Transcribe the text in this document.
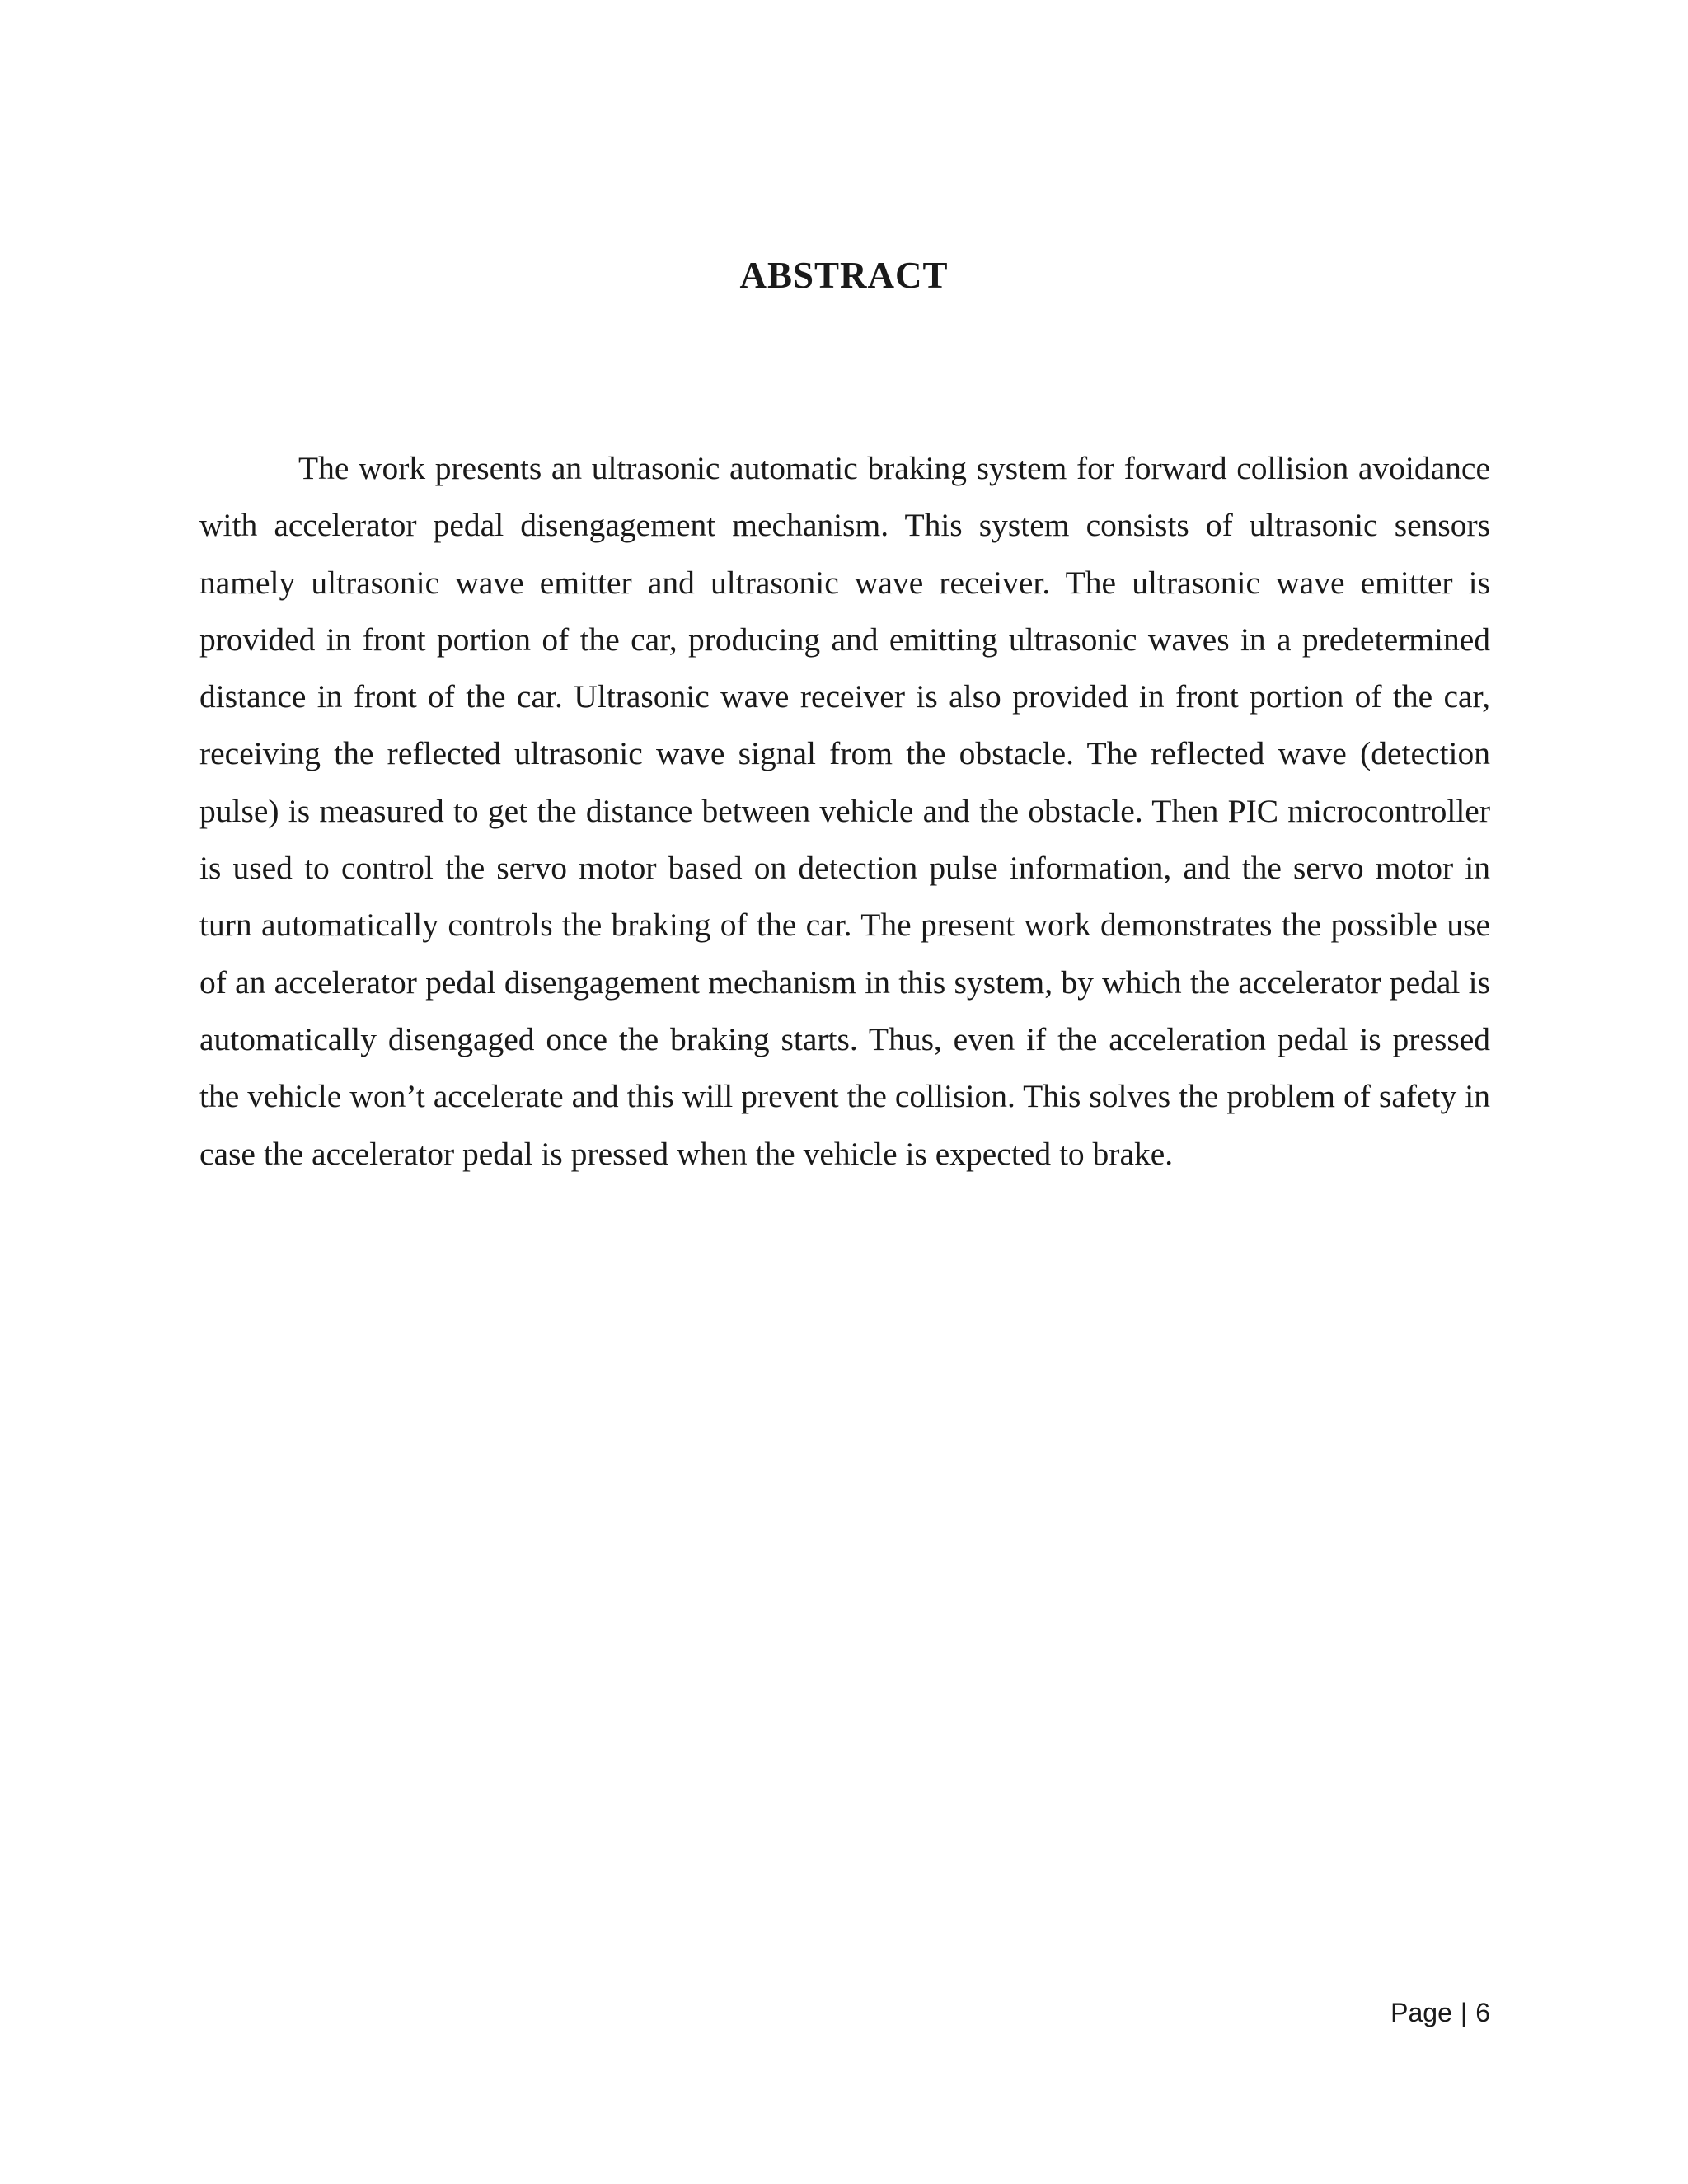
ABSTRACT

The work presents an ultrasonic automatic braking system for forward collision avoidance with accelerator pedal disengagement mechanism. This system consists of ultrasonic sensors namely ultrasonic wave emitter and ultrasonic wave receiver. The ultrasonic wave emitter is provided in front portion of the car, producing and emitting ultrasonic waves in a predetermined distance in front of the car. Ultrasonic wave receiver is also provided in front portion of the car, receiving the reflected ultrasonic wave signal from the obstacle. The reflected wave (detection pulse) is measured to get the distance between vehicle and the obstacle. Then PIC microcontroller is used to control the servo motor based on detection pulse information, and the servo motor in turn automatically controls the braking of the car. The present work demonstrates the possible use of an accelerator pedal disengagement mechanism in this system, by which the accelerator pedal is automatically disengaged once the braking starts. Thus, even if the acceleration pedal is pressed the vehicle won’t accelerate and this will prevent the collision. This solves the problem of safety in case the accelerator pedal is pressed when the vehicle is expected to brake.

Page | 6
